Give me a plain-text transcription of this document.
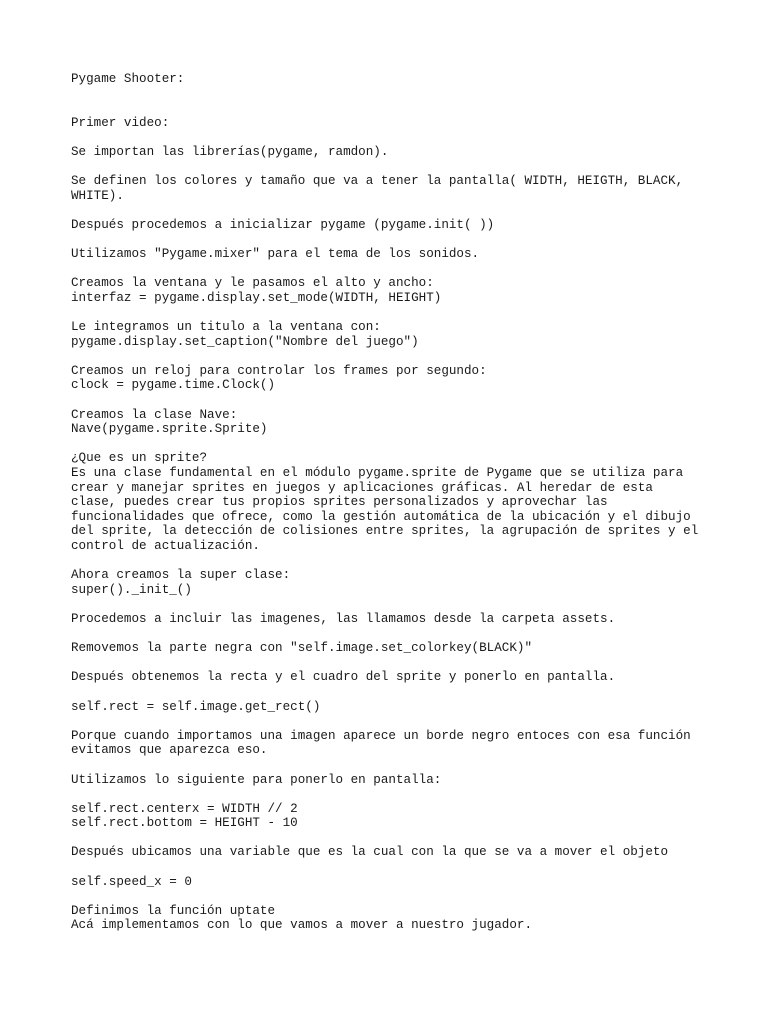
Pygame Shooter:

Primer video:

Se importan las librerías(pygame, ramdon).

Se definen los colores y tamaño que va a tener la pantalla( WIDTH, HEIGTH, BLACK,
WHITE).

Después procedemos a inicializar pygame (pygame.init( ))

Utilizamos "Pygame.mixer" para el tema de los sonidos.

Creamos la ventana y le pasamos el alto y ancho:
interfaz = pygame.display.set_mode(WIDTH, HEIGHT)

Le integramos un titulo a la ventana con:
pygame.display.set_caption("Nombre del juego")

Creamos un reloj para controlar los frames por segundo:
clock = pygame.time.Clock()

Creamos la clase Nave:
Nave(pygame.sprite.Sprite)

¿Que es un sprite?
Es una clase fundamental en el módulo pygame.sprite de Pygame que se utiliza para
crear y manejar sprites en juegos y aplicaciones gráficas. Al heredar de esta
clase, puedes crear tus propios sprites personalizados y aprovechar las
funcionalidades que ofrece, como la gestión automática de la ubicación y el dibujo
del sprite, la detección de colisiones entre sprites, la agrupación de sprites y el
control de actualización.

Ahora creamos la super clase:
super()._init_()

Procedemos a incluir las imagenes, las llamamos desde la carpeta assets.

Removemos la parte negra con "self.image.set_colorkey(BLACK)"

Después obtenemos la recta y el cuadro del sprite y ponerlo en pantalla.

self.rect = self.image.get_rect()

Porque cuando importamos una imagen aparece un borde negro entoces con esa función
evitamos que aparezca eso.

Utilizamos lo siguiente para ponerlo en pantalla:

self.rect.centerx = WIDTH // 2
self.rect.bottom = HEIGHT - 10

Después ubicamos una variable que es la cual con la que se va a mover el objeto

self.speed_x = 0

Definimos la función uptate
Acá implementamos con lo que vamos a mover a nuestro jugador.
